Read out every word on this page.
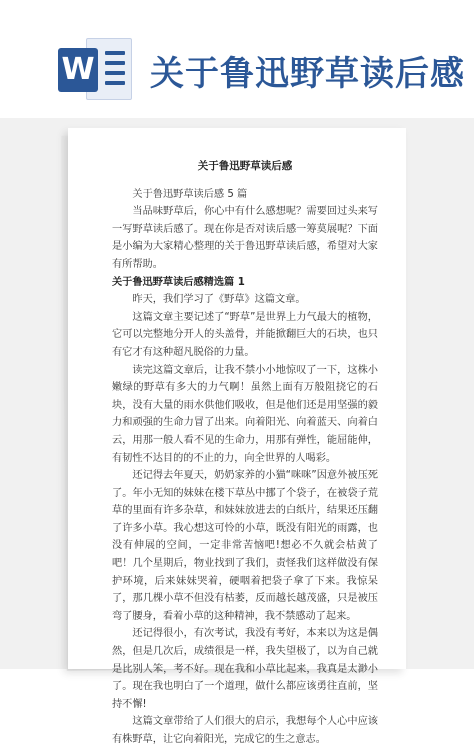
W 关于鲁迅野草读后感
关于鲁迅野草读后感

关于鲁迅野草读后感 5 篇

当品味野草后，你心中有什么感想呢？需要回过头来写一写野草读后感了。现在你是否对读后感一筹莫展呢？下面是小编为大家精心整理的关于鲁迅野草读后感，希望对大家有所帮助。

关于鲁迅野草读后感精选篇 1

昨天，我们学习了《野草》这篇文章。

这篇文章主要记述了“野草”是世界上力气最大的植物，它可以完整地分开人的头盖骨，并能掀翻巨大的石块，也只有它才有这种超凡脱俗的力量。

读完这篇文章后，让我不禁小小地惊叹了一下，这株小嫩绿的野草有多大的力气啊！虽然上面有万般阻挠它的石块，没有大量的雨水供他们吸收，但是他们还是用坚强的毅力和顽强的生命力冒了出来。向着阳光、向着蓝天、向着白云，用那一般人看不见的生命力，用那有弹性，能屈能伸，有韧性不达目的的不止的力，向全世界的人喝彩。

还记得去年夏天，奶奶家养的小猫“咪咪”因意外被压死了。年小无知的妹妹在楼下草丛中挪了个袋子，在被袋子荒草的里面有许多杂草，和妹妹放进去的白纸片，结果还压翻了许多小草。我心想这可怜的小草，既没有阳光的雨露，也没有伸展的空间，一定非常苦恼吧!想必不久就会枯黄了吧！几个星期后，物业找到了我们，责怪我们这样做没有保护环境，后来妹妹哭着，硬咽着把袋子拿了下来。我惊呆了，那几棵小草不但没有枯萎，反而越长越茂盛，只是被压弯了腰身，看着小草的这种精神，我不禁感动了起来。

还记得很小，有次考试，我没有考好，本来以为这是偶然，但是几次后，成绩很是一样，我失望极了，以为自己就是比别人笨，考不好。现在我和小草比起来，我真是太渺小了。现在我也明白了一个道理，做什么都应该勇往直前，坚持不懈!

这篇文章带给了人们很大的启示，我想每个人心中应该有株野草，让它向着阳光，完成它的生之意志。
